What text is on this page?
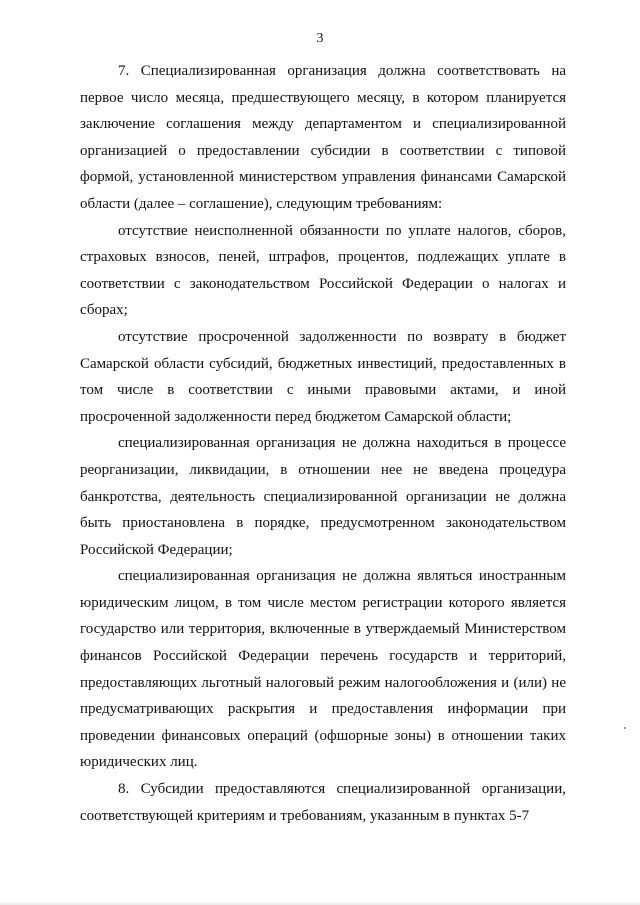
3

7. Специализированная организация должна соответствовать на первое число месяца, предшествующего месяцу, в котором планируется заключение соглашения между департаментом и специализированной организацией о предоставлении субсидии в соответствии с типовой формой, установленной министерством управления финансами Самарской области (далее – соглашение), следующим требованиям:

отсутствие неисполненной обязанности по уплате налогов, сборов, страховых взносов, пеней, штрафов, процентов, подлежащих уплате в соответствии с законодательством Российской Федерации о налогах и сборах;

отсутствие просроченной задолженности по возврату в бюджет Самарской области субсидий, бюджетных инвестиций, предоставленных в том числе в соответствии с иными правовыми актами, и иной просроченной задолженности перед бюджетом Самарской области;

специализированная организация не должна находиться в процессе реорганизации, ликвидации, в отношении нее не введена процедура банкротства, деятельность специализированной организации не должна быть приостановлена в порядке, предусмотренном законодательством Российской Федерации;

специализированная организация не должна являться иностранным юридическим лицом, в том числе местом регистрации которого является государство или территория, включенные в утверждаемый Министерством финансов Российской Федерации перечень государств и территорий, предоставляющих льготный налоговый режим налогообложения и (или) не предусматривающих раскрытия и предоставления информации при проведении финансовых операций (офшорные зоны) в отношении таких юридических лиц.

8. Субсидии предоставляются специализированной организации, соответствующей критериям и требованиям, указанным в пунктах 5-7
